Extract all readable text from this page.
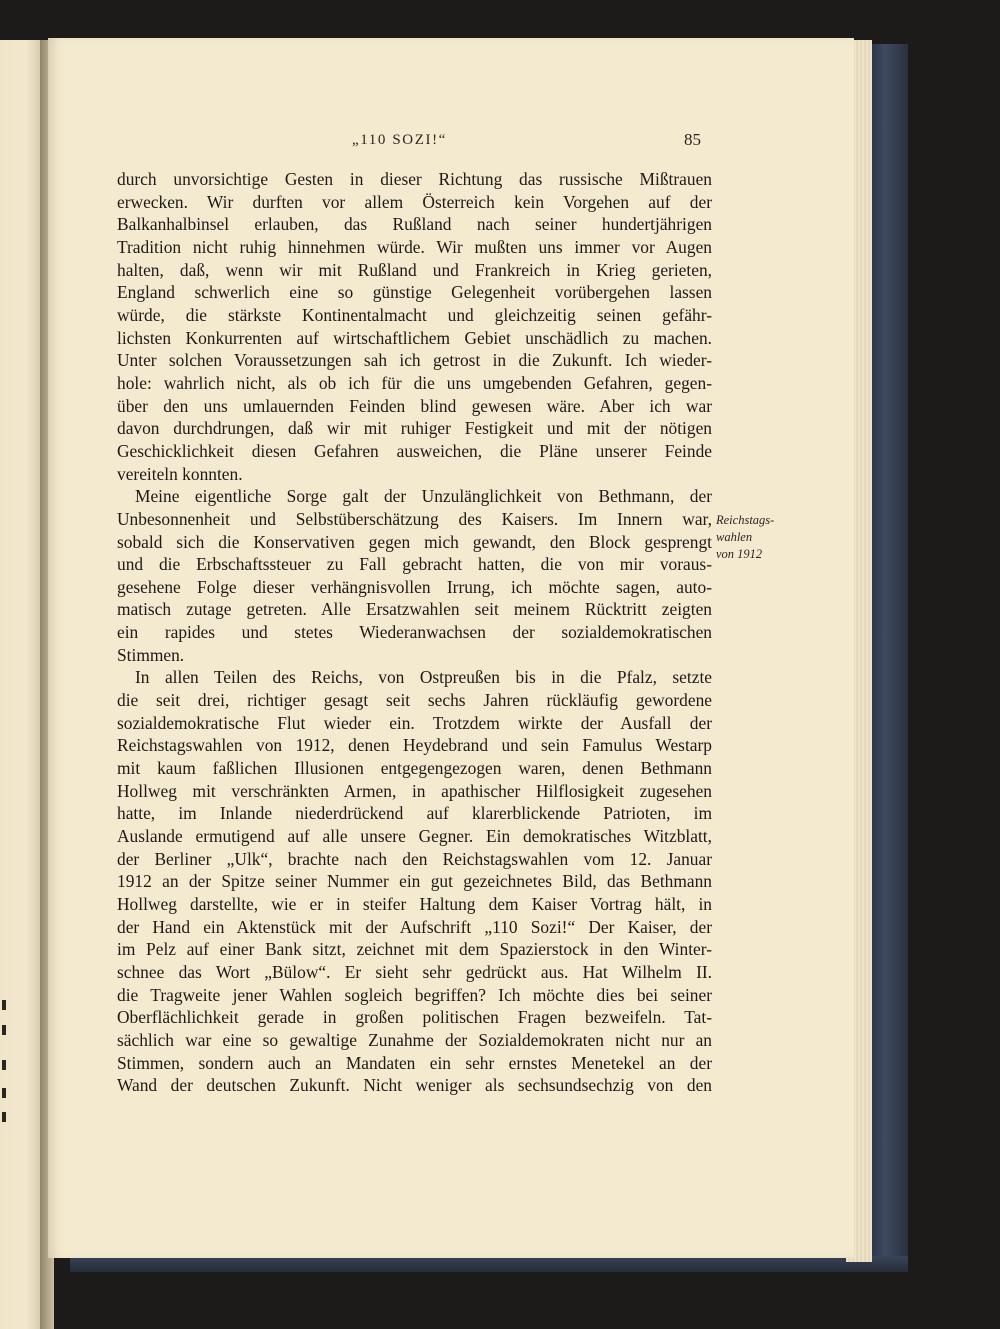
„110 SOZI!“	85
durch unvorsichtige Gesten in dieser Richtung das russische Mißtrauen
erwecken. Wir durften vor allem Österreich kein Vorgehen auf der
Balkanhalbinsel erlauben, das Rußland nach seiner hundertjährigen
Tradition nicht ruhig hinnehmen würde. Wir mußten uns immer vor Augen
halten, daß, wenn wir mit Rußland und Frankreich in Krieg gerieten,
England schwerlich eine so günstige Gelegenheit vorübergehen lassen
würde, die stärkste Kontinentalmacht und gleichzeitig seinen gefähr-
lichsten Konkurrenten auf wirtschaftlichem Gebiet unschädlich zu machen.
Unter solchen Voraussetzungen sah ich getrost in die Zukunft. Ich wieder-
hole: wahrlich nicht, als ob ich für die uns umgebenden Gefahren, gegen-
über den uns umlauernden Feinden blind gewesen wäre. Aber ich war
davon durchdrungen, daß wir mit ruhiger Festigkeit und mit der nötigen
Geschicklichkeit diesen Gefahren ausweichen, die Pläne unserer Feinde
vereiteln konnten.
Meine eigentliche Sorge galt der Unzulänglichkeit von Bethmann, der
Unbesonnenheit und Selbstüberschätzung des Kaisers. Im Innern war,
sobald sich die Konservativen gegen mich gewandt, den Block gesprengt
und die Erbschaftssteuer zu Fall gebracht hatten, die von mir voraus-
gesehene Folge dieser verhängnisvollen Irrung, ich möchte sagen, auto-
matisch zutage getreten. Alle Ersatzwahlen seit meinem Rücktritt zeigten
ein rapides und stetes Wiederanwachsen der sozialdemokratischen
Stimmen.
In allen Teilen des Reichs, von Ostpreußen bis in die Pfalz, setzte
die seit drei, richtiger gesagt seit sechs Jahren rückläufig gewordene
sozialdemokratische Flut wieder ein. Trotzdem wirkte der Ausfall der
Reichstagswahlen von 1912, denen Heydebrand und sein Famulus Westarp
mit kaum faßlichen Illusionen entgegengezogen waren, denen Bethmann
Hollweg mit verschränkten Armen, in apathischer Hilflosigkeit zugesehen
hatte, im Inlande niederdrückend auf klarerblickende Patrioten, im
Auslande ermutigend auf alle unsere Gegner. Ein demokratisches Witzblatt,
der Berliner „Ulk“, brachte nach den Reichstagswahlen vom 12. Januar
1912 an der Spitze seiner Nummer ein gut gezeichnetes Bild, das Bethmann
Hollweg darstellte, wie er in steifer Haltung dem Kaiser Vortrag hält, in
der Hand ein Aktenstück mit der Aufschrift „110 Sozi!“ Der Kaiser, der
im Pelz auf einer Bank sitzt, zeichnet mit dem Spazierstock in den Winter-
schnee das Wort „Bülow“. Er sieht sehr gedrückt aus. Hat Wilhelm II.
die Tragweite jener Wahlen sogleich begriffen? Ich möchte dies bei seiner
Oberflächlichkeit gerade in großen politischen Fragen bezweifeln. Tat-
sächlich war eine so gewaltige Zunahme der Sozialdemokraten nicht nur an
Stimmen, sondern auch an Mandaten ein sehr ernstes Menetekel an der
Wand der deutschen Zukunft. Nicht weniger als sechsundsechzig von den
Reichstags-
wahlen
von 1912
